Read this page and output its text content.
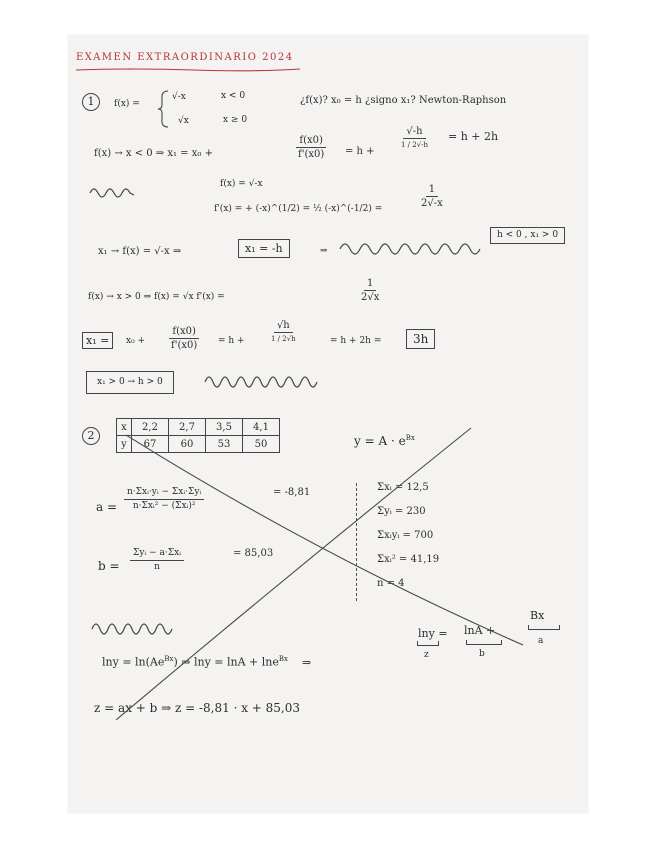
EXAMEN EXTRAORDINARIO 2024
1	f(x) =
√-x	x < 0
√x	x ≥ 0
¿f(x)? x₀ = h ¿signo x₁? Newton-Raphson
f(x) → x < 0 ⇒ x₁ = x₀ +	$\frac{f(x0)}{f'(x0)} = h$ +
√-h
1 / 2√-h
= h + 2h
f(x) = √-x
f'(x) = + (-x)^(1/2) = ½ (-x)^(-1/2) =	$\frac{1}{2√-x}$
x₁ → f(x) = √-x ⇒	x₁ = -h	⇒
h < 0 , x₁ > 0
f(x) → x > 0 ⇒ f(x) = √x f'(x) =	$\frac{1}{2√x}$
x₁ =	$x_0 + \frac{f(x0)}{f'(x0)} = h$ +
√h
1 / 2√h	= h + 2h =	3h
x₁ > 0 → h > 0
2
x	2,2	2,7	3,5	4,1
y	67	60	53	50	$y = A \cdot e^{Bx}$
a =
n·Σxᵢ·yᵢ − Σxᵢ·Σyᵢ
n·Σxᵢ² − (Σxᵢ)²
= -8,81
b =
Σyᵢ − a·Σxᵢ
n
= 85,03
Σxᵢ = 12,5
Σyᵢ = 230
Σxᵢyᵢ = 700
Σxᵢ² = 41,19
n = 4
$\ln y = \ln(Ae^{Bx})$ ⇒ lny = lnA + lne$^{Bx}$ ⇒
lny = lnA +
Bx
z	b
a
z = ax + b ⇒ z = -8,81 · x + 85,03
